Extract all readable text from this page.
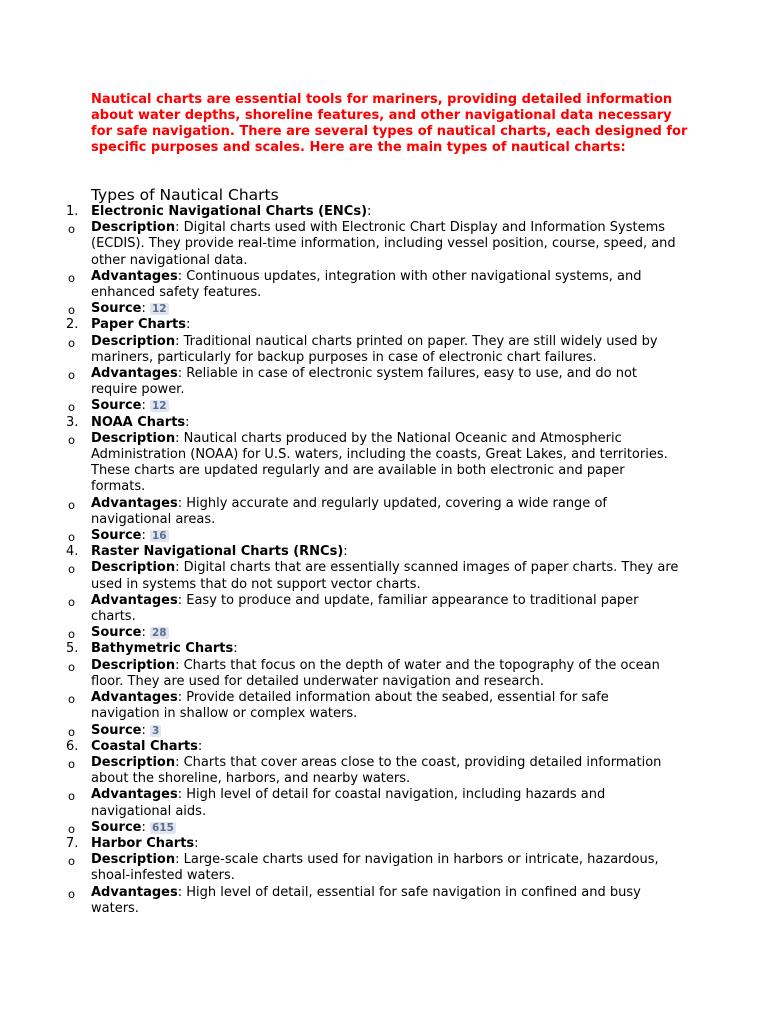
Nautical charts are essential tools for mariners, providing detailed information about water depths, shoreline features, and other navigational data necessary for safe navigation. There are several types of nautical charts, each designed for specific purposes and scales. Here are the main types of nautical charts:
Types of Nautical Charts
1. Electronic Navigational Charts (ENCs):
o	Description: Digital charts used with Electronic Chart Display and Information Systems (ECDIS). They provide real-time information, including vessel position, course, speed, and other navigational data.
o	Advantages: Continuous updates, integration with other navigational systems, and enhanced safety features.
o	Source: 12
2. Paper Charts:
o	Description: Traditional nautical charts printed on paper. They are still widely used by mariners, particularly for backup purposes in case of electronic chart failures.
o	Advantages: Reliable in case of electronic system failures, easy to use, and do not require power.
o	Source: 12
3. NOAA Charts:
o	Description: Nautical charts produced by the National Oceanic and Atmospheric Administration (NOAA) for U.S. waters, including the coasts, Great Lakes, and territories. These charts are updated regularly and are available in both electronic and paper formats.
o	Advantages: Highly accurate and regularly updated, covering a wide range of navigational areas.
o	Source: 16
4. Raster Navigational Charts (RNCs):
o	Description: Digital charts that are essentially scanned images of paper charts. They are used in systems that do not support vector charts.
o	Advantages: Easy to produce and update, familiar appearance to traditional paper charts.
o	Source: 28
5. Bathymetric Charts:
o	Description: Charts that focus on the depth of water and the topography of the ocean floor. They are used for detailed underwater navigation and research.
o	Advantages: Provide detailed information about the seabed, essential for safe navigation in shallow or complex waters.
o	Source: 3
6. Coastal Charts:
o	Description: Charts that cover areas close to the coast, providing detailed information about the shoreline, harbors, and nearby waters.
o	Advantages: High level of detail for coastal navigation, including hazards and navigational aids.
o	Source: 615
7. Harbor Charts:
o	Description: Large-scale charts used for navigation in harbors or intricate, hazardous, shoal-infested waters.
o	Advantages: High level of detail, essential for safe navigation in confined and busy waters.
